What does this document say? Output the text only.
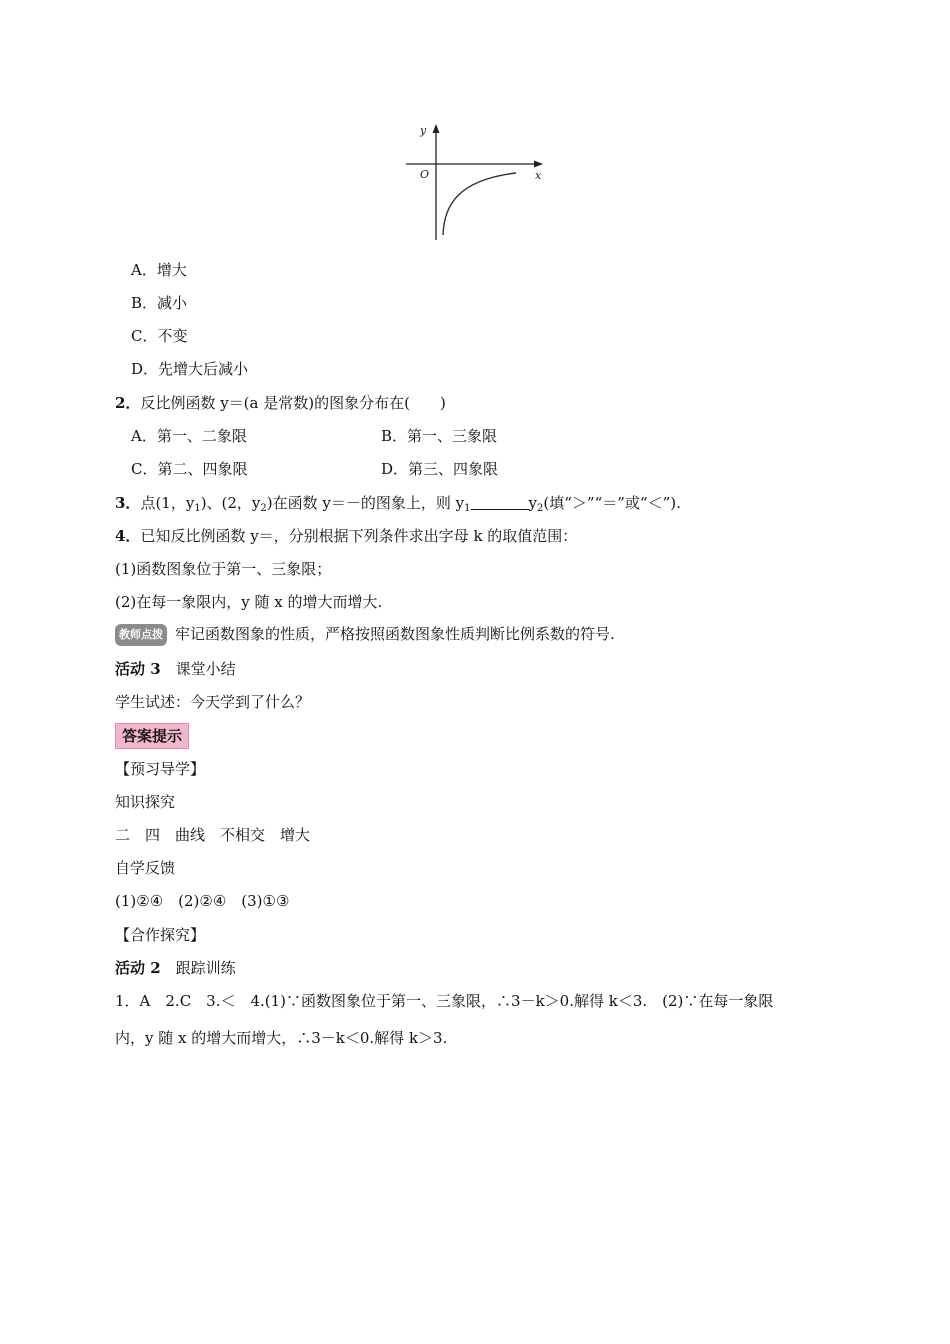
y
x
O
A．增大
B．减小
C．不变
D．先增大后减小
2．反比例函数 y＝(a 是常数)的图象分布在(　　)
A．第一、二象限	B．第一、三象限
C．第二、四象限	D．第三、四象限
3．点(1，$y_1$)、(2，$y_2$)在函数 y＝－的图象上，则 $y_1$	$y_2$(填“＞”“＝”或“＜”).
4．已知反比例函数 y＝，分别根据下列条件求出字母 k 的取值范围：
(1)函数图象位于第一、三象限；
(2)在每一象限内，y 随 x 的增大而增大.
教师点拨 牢记函数图象的性质，严格按照函数图象性质判断比例系数的符号.
活动 3　课堂小结
学生试述：今天学到了什么？
答案提示
【预习导学】
知识探究
二　四　曲线　不相交　增大
自学反馈
(1)②④　(2)②④　(3)①③
【合作探究】
活动 2　跟踪训练
1．A　2.C　3.＜　4.(1)∵函数图象位于第一、三象限，∴3－k＞0.解得 k＜3.　(2)∵在每一象限
内，y 随 x 的增大而增大，∴3－k＜0.解得 k＞3.
